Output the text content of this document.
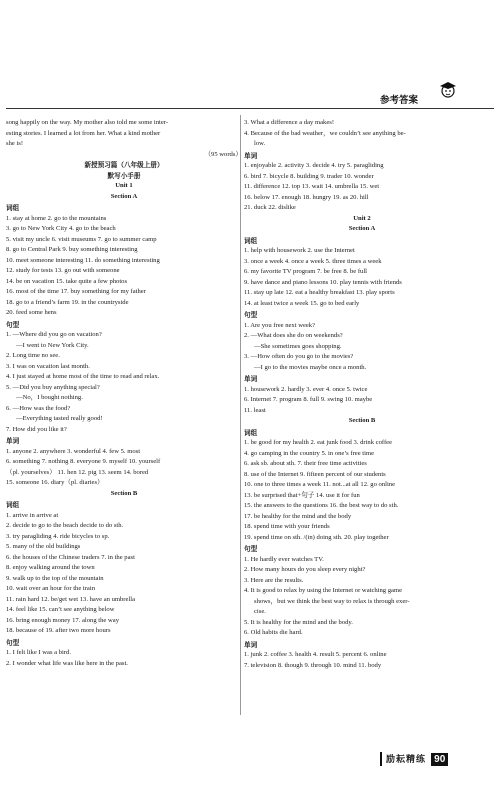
参考答案

song happily on the way. My mother also told me some inter-

esting stories. I learned a lot from her. What a kind mother

she is!

（95 words）

新授预习篇（八年级上册）

默写小手册

Unit 1

Section A

词组

1. stay at home 2. go to the mountains

3. go to New York City 4. go to the beach

5. visit my uncle 6. visit museums 7. go to summer camp

8. go to Central Park 9. buy something interesting

10. meet someone interesting 11. do something interesting

12. study for tests 13. go out with someone

14. be on vacation 15. take quite a few photos

16. most of the time 17. buy something for my father

18. go to a friend’s farm 19. in the countryside

20. feed some hens

句型

1. —Where did you go on vacation?

—I went to New York City.

2. Long time no see.

3. I was on vacation last month.

4. I just stayed at home most of the time to read and relax.

5. —Did you buy anything special?

—No，I bought nothing.

6. —How was the food?

—Everything tasted really good!

7. How did you like it?

单词

1. anyone 2. anywhere 3. wonderful 4. few 5. most

6. something 7. nothing 8. everyone 9. myself 10. yourself

（pl. yourselves） 11. hen 12. pig 13. seem 14. bored

15. someone 16. diary（pl. diaries）

Section B

词组

1. arrive in arrive at

2. decide to go to the beach decide to do sth.

3. try paragliding 4. ride bicycles to sp.

5. many of the old buildings

6. the houses of the Chinese traders 7. in the past

8. enjoy walking around the town

9. walk up to the top of the mountain

10. wait over an hour for the train

11. rain hard 12. be/get wet 13. have an umbrella

14. feel like 15. can’t see anything below

16. bring enough money 17. along the way

18. because of 19. after two more hours

句型

1. I felt like I was a bird.

2. I wonder what life was like here in the past.

3. What a difference a day makes!

4. Because of the bad weather，we couldn’t see anything be-

low.

单词

1. enjoyable 2. activity 3. decide 4. try 5. paragliding

6. bird 7. bicycle 8. building 9. trader 10. wonder

11. difference 12. top 13. wait 14. umbrella 15. wet

16. below 17. enough 18. hungry 19. as 20. hill

21. duck 22. dislike

Unit 2

Section A

词组

1. help with housework 2. use the Internet

3. once a week 4. once a week 5. three times a week

6. my favorite TV program 7. be free 8. be full

9. have dance and piano lessons 10. play tennis with friends

11. stay up late 12. eat a healthy breakfast 13. play sports

14. at least twice a week 15. go to bed early

句型

1. Are you free next week?

2. —What does she do on weekends?

—She sometimes goes shopping.

3. —How often do you go to the movies?

—I go to the movies maybe once a month.

单词

1. housework 2. hardly 3. ever 4. once 5. twice

6. Internet 7. program 8. full 9. swing 10. maybe

11. least

Section B

词组

1. be good for my health 2. eat junk food 3. drink coffee

4. go camping in the country 5. in one’s free time

6. ask sb. about sth. 7. their free time activities

8. use of the Internet 9. fifteen percent of our students

10. one to three times a week 11. not...at all 12. go online

13. be surprised that+句子 14. use it for fun

15. the answers to the questions 16. the best way to do sth.

17. be healthy for the mind and the body

18. spend time with your friends

19. spend time on sth. /(in) doing sth. 20. play together

句型

1. He hardly ever watches TV.

2. How many hours do you sleep every night?

3. Here are the results.

4. It is good to relax by using the Internet or watching game

shows，but we think the best way to relax is through exer-

cise.

5. It is healthy for the mind and the body.

6. Old habits die hard.

单词

1. junk 2. coffee 3. health 4. result 5. percent 6. online

7. television 8. though 9. through 10. mind 11. body

励耘精练 90
